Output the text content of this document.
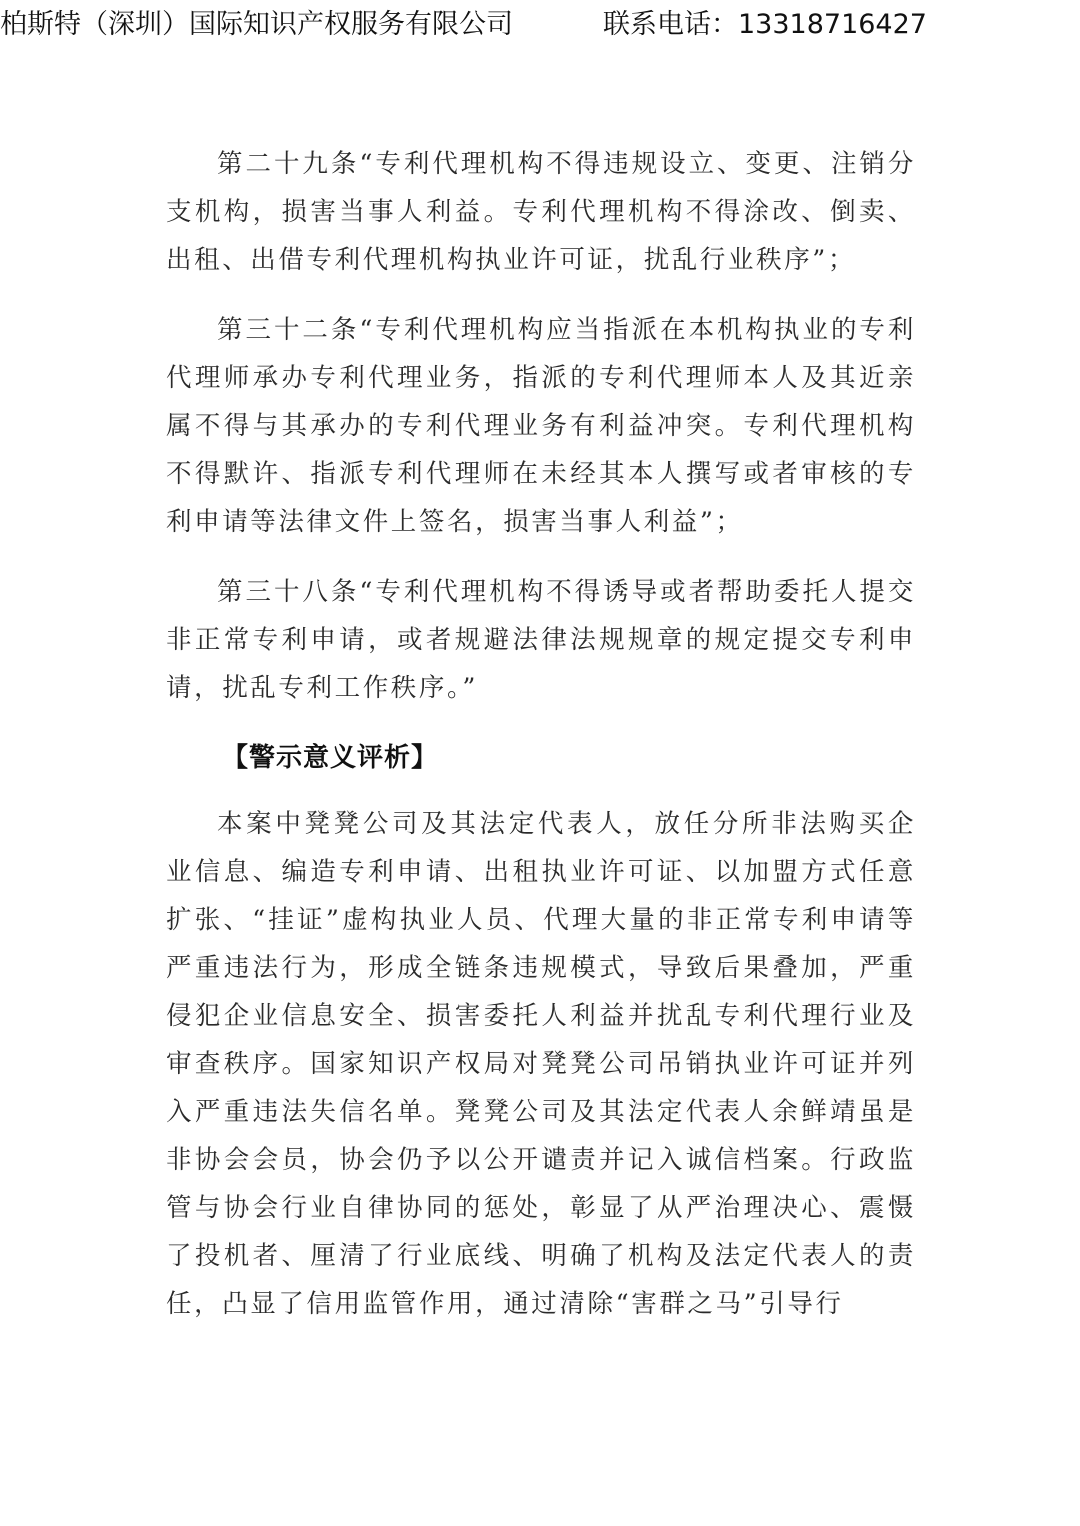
柏斯特（深圳）国际知识产权服务有限公司	联系电话：13318716427

第二十九条“专利代理机构不得违规设立、变更、注销分支机构，损害当事人利益。专利代理机构不得涂改、倒卖、出租、出借专利代理机构执业许可证，扰乱行业秩序”；

第三十二条“专利代理机构应当指派在本机构执业的专利代理师承办专利代理业务，指派的专利代理师本人及其近亲属不得与其承办的专利代理业务有利益冲突。专利代理机构不得默许、指派专利代理师在未经其本人撰写或者审核的专利申请等法律文件上签名，损害当事人利益”；

第三十八条“专利代理机构不得诱导或者帮助委托人提交非正常专利申请，或者规避法律法规规章的规定提交专利申请，扰乱专利工作秩序。”

【警示意义评析】

本案中凳凳公司及其法定代表人，放任分所非法购买企业信息、编造专利申请、出租执业许可证、以加盟方式任意扩张、“挂证”虚构执业人员、代理大量的非正常专利申请等严重违法行为，形成全链条违规模式，导致后果叠加，严重侵犯企业信息安全、损害委托人利益并扰乱专利代理行业及审查秩序。国家知识产权局对凳凳公司吊销执业许可证并列入严重违法失信名单。凳凳公司及其法定代表人余鲜靖虽是非协会会员，协会仍予以公开谴责并记入诚信档案。行政监管与协会行业自律协同的惩处，彰显了从严治理决心、震慑了投机者、厘清了行业底线、明确了机构及法定代表人的责任，凸显了信用监管作用，通过清除“害群之马”引导行
